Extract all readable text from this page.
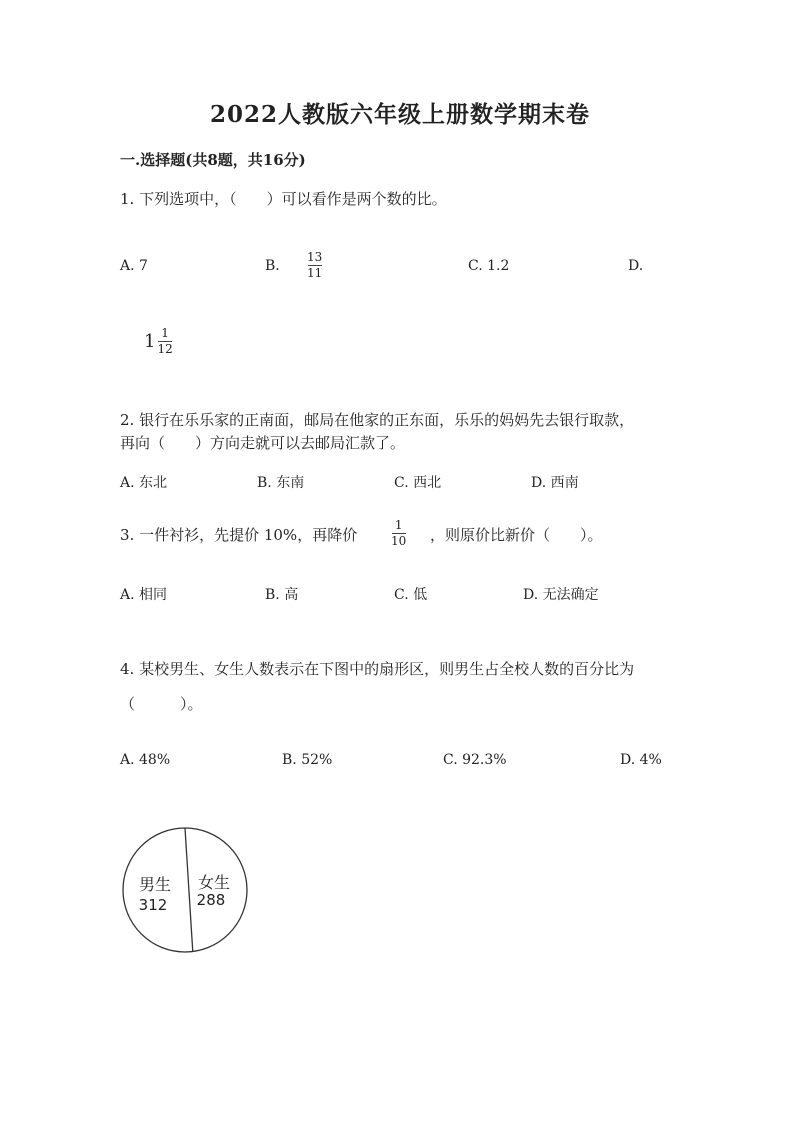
2022人教版六年级上册数学期末卷
一.选择题(共8题，共16分)
1. 下列选项中，（　　）可以看作是两个数的比。
A. 7	B.
13
11	C. 1.2	D.
$1 \frac{1}{12}$
2. 银行在乐乐家的正南面，邮局在他家的正东面，乐乐的妈妈先去银行取款，
再向（　　）方向走就可以去邮局汇款了。
A. 东北	B. 东南	C. 西北	D. 西南
3. 一件衬衫，先提价 10%，再降价
1
10 ，则原价比新价（　　）。
A. 相同	B. 高	C. 低	D. 无法确定
4. 某校男生、女生人数表示在下图中的扇形区，则男生占全校人数的百分比为
（　　　）。
A. 48%	B. 52%	C. 92.3%	D. 4%
男生
312
女生
288
